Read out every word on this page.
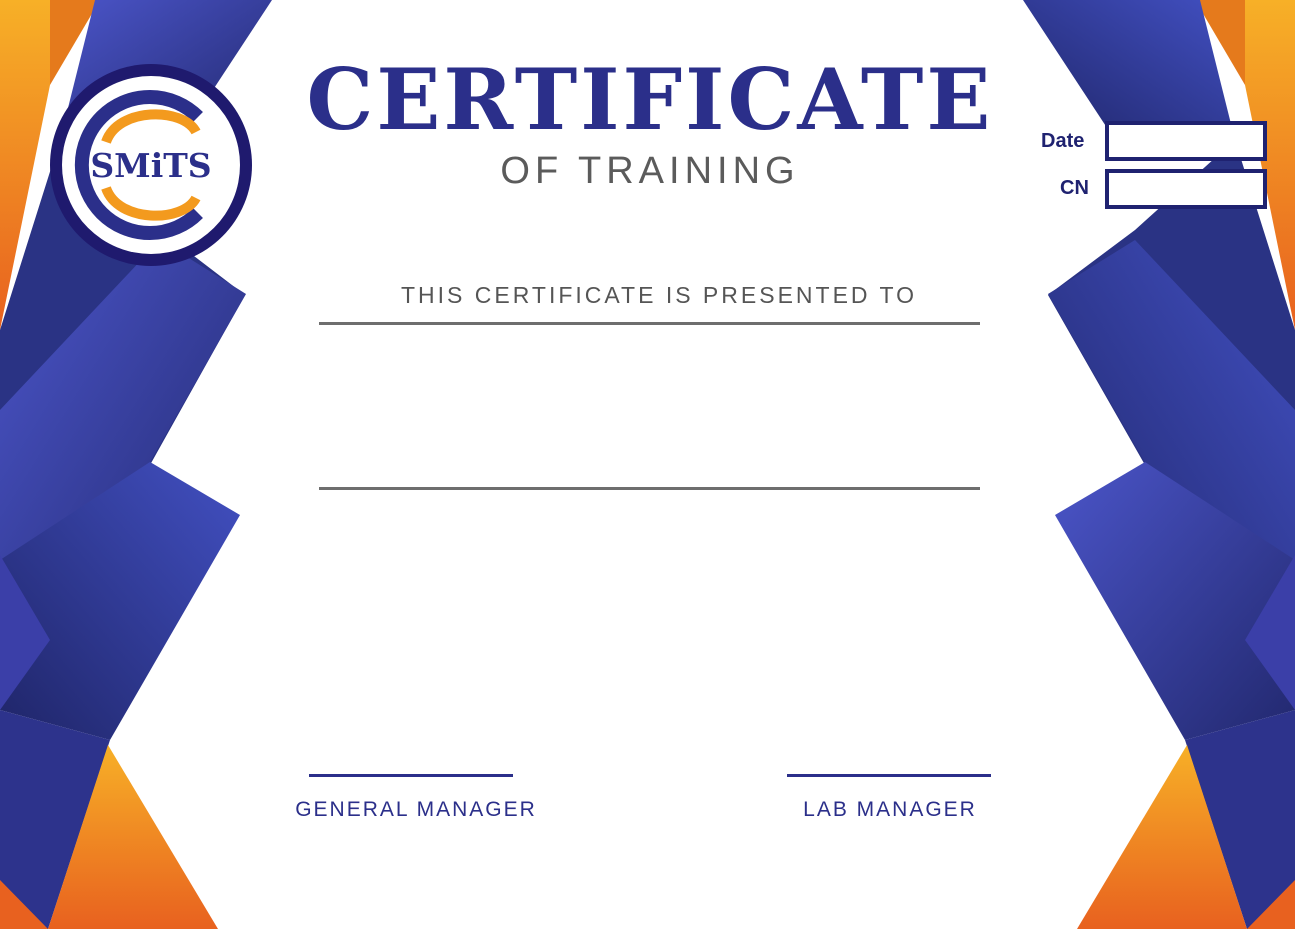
SMiTS
CERTIFICATE
OF TRAINING
Date
CN
THIS CERTIFICATE IS PRESENTED TO
GENERAL MANAGER	LAB MANAGER
